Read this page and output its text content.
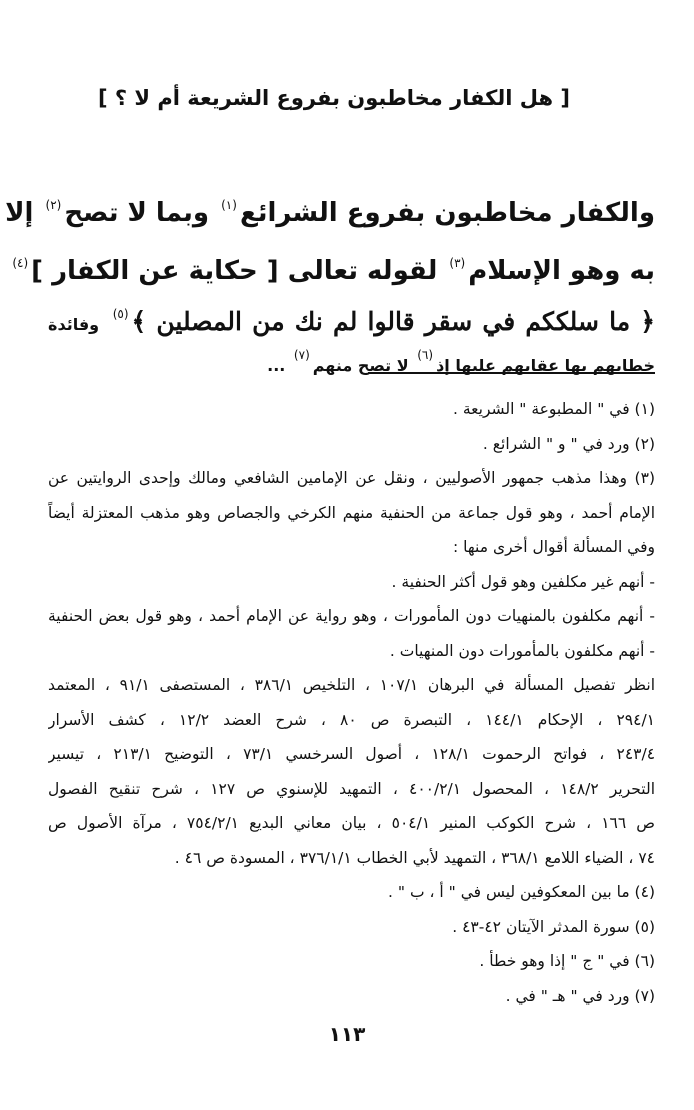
[ هل الكفار مخاطبون بفروع الشريعة أم لا ؟ ]
والكفار مخاطبون بفروع الشرائع$^{(١)}$ وبما لا تصح$^{(٢)}$ إلا
به وهو الإسلام$^{(٣)}$ لقوله تعالى [ حكاية عن الكفار ]$^{(٤)}$
﴿ ما سلككم في سقر قالوا لم نك من المصلين ﴾$^{(٥)}$ وفائدة
خطابهم بها عقابهم عليها إذ$^{(٦)}$ لا تصح منهم$^{(٧)}$ ...
(١) في " المطبوعة " الشريعة .
(٢) ورد في " و " الشرائع .
(٣) وهذا مذهب جمهور الأصوليين ، ونقل عن الإمامين الشافعي ومالك وإحدى الروايتين عن
الإمام أحمد ، وهو قول جماعة من الحنفية منهم الكرخي والجصاص وهو مذهب المعتزلة أيضاً
وفي المسألة أقوال أخرى منها :
- أنهم غير مكلفين وهو قول أكثر الحنفية .
- أنهم مكلفون بالمنهيات دون المأمورات ، وهو رواية عن الإمام أحمد ، وهو قول بعض الحنفية
- أنهم مكلفون بالمأمورات دون المنهيات .
انظر تفصيل المسألة في البرهان ١٠٧/١ ، التلخيص ٣٨٦/١ ، المستصفى ٩١/١ ، المعتمد
٢٩٤/١ ، الإحكام ١٤٤/١ ، التبصرة ص ٨٠ ، شرح العضد ١٢/٢ ، كشف الأسرار
٢٤٣/٤ ، فواتح الرحموت ١٢٨/١ ، أصول السرخسي ٧٣/١ ، التوضيح ٢١٣/١ ، تيسير
التحرير ١٤٨/٢ ، المحصول ٤٠٠/٢/١ ، التمهيد للإسنوي ص ١٢٧ ، شرح تنقيح الفصول
ص ١٦٦ ، شرح الكوكب المنير ٥٠٤/١ ، بيان معاني البديع ٧٥٤/٢/١ ، مرآة الأصول ص
٧٤ ، الضياء اللامع ٣٦٨/١ ، التمهيد لأبي الخطاب ٣٧٦/١/١ ، المسودة ص ٤٦ .
(٤) ما بين المعكوفين ليس في " أ ، ب " .
(٥) سورة المدثر الآيتان ٤٢-٤٣ .
(٦) في " ج " إذا وهو خطأ .
(٧) ورد في " هـ " في .
١١٣
